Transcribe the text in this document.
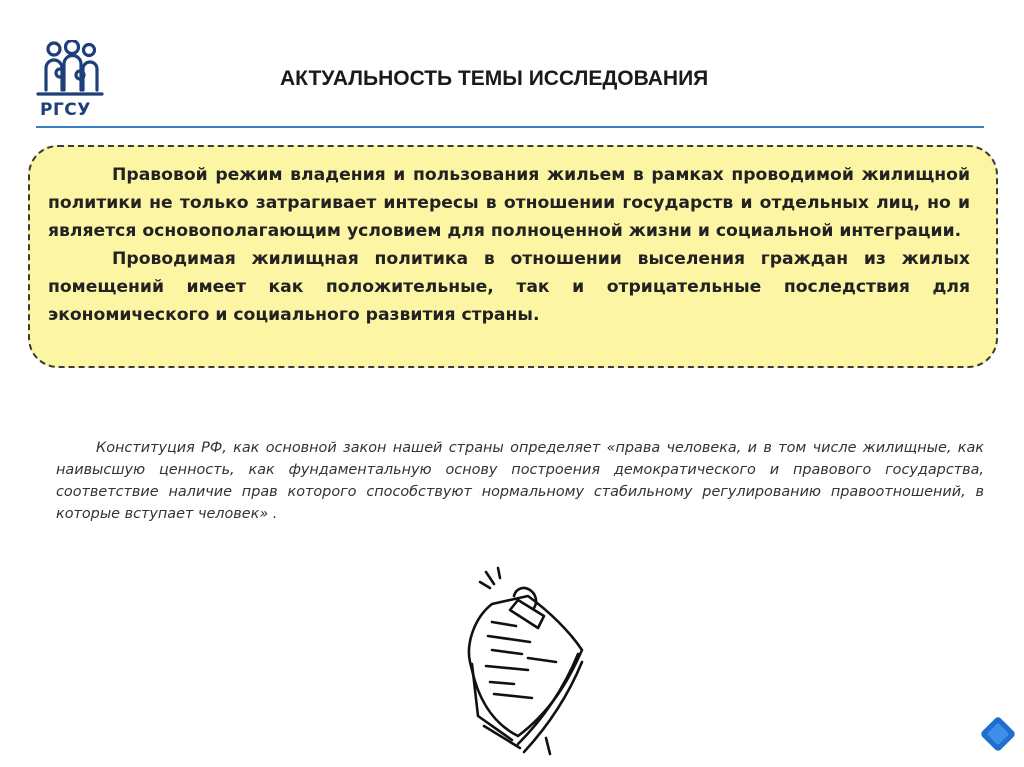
РГСУ
АКТУАЛЬНОСТЬ ТЕМЫ ИССЛЕДОВАНИЯ

Правовой режим владения и пользования жильем в рамках проводимой жилищной политики не только затрагивает интересы в отношении государств и отдельных лиц, но и является основополагающим условием для полноценной жизни и социальной интеграции.

Проводимая жилищная политика в отношении выселения граждан из жилых помещений имеет как положительные, так и отрицательные последствия для экономического и социального развития страны.

Конституция РФ, как основной закон нашей страны определяет «права человека, и в том числе жилищные, как наивысшую ценность, как фундаментальную основу построения демократического и правового государства, соответствие наличие прав которого способствуют нормальному стабильному регулированию правоотношений, в которые вступает человек» .
